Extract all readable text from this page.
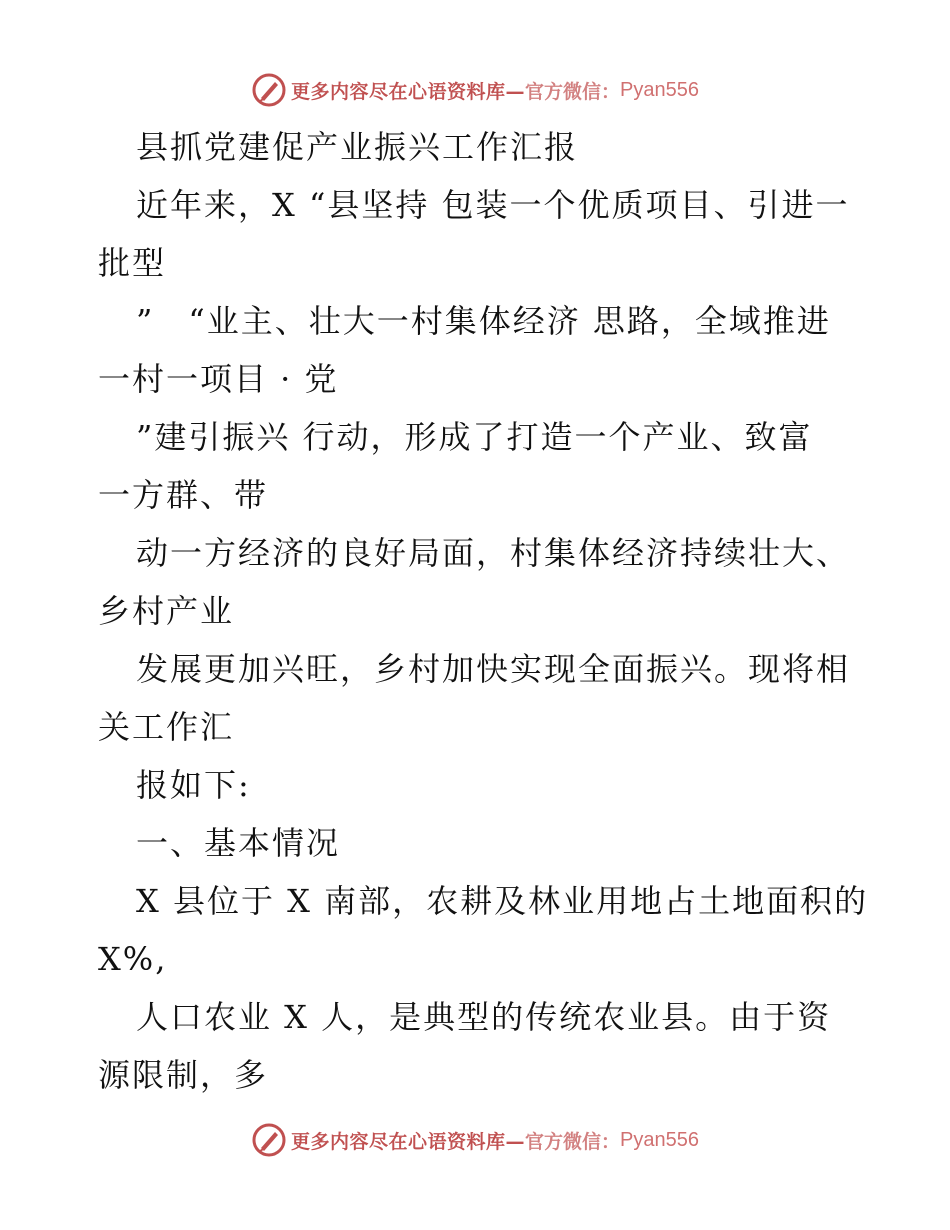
更多内容尽在心语资料库— 官方微信： Pyan556
县抓党建促产业振兴工作汇报
近年来，X “县坚持 包装一个优质项目、引进一
批型
”　“业主、壮大一村集体经济 思路，全域推进
一村一项目 · 党
”建引振兴 行动，形成了打造一个产业、致富
一方群、带
动一方经济的良好局面，村集体经济持续壮大、
乡村产业
发展更加兴旺，乡村加快实现全面振兴。现将相
关工作汇
报如下:
一、基本情况
X 县位于 X 南部，农耕及林业用地占土地面积的
X%,
人口农业 X 人，是典型的传统农业县。由于资
源限制，多
更多内容尽在心语资料库— 官方微信： Pyan556
